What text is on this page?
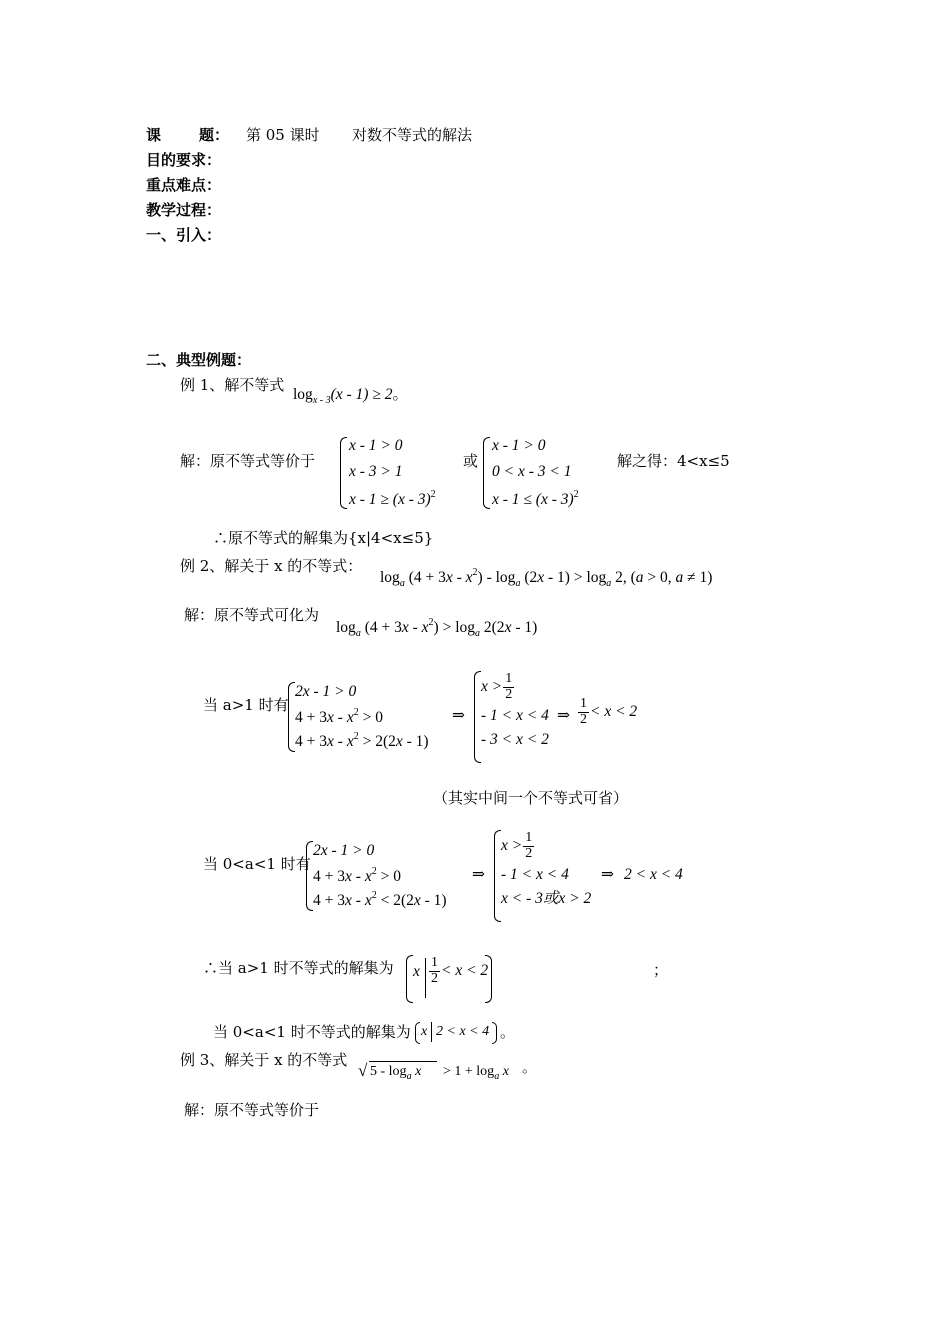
课	题： 第 05 课时 对数不等式的解法
目的要求：
重点难点：
教学过程：
一、引入：
二、典型例题：
例 1、解不等式
$\log_{x - 3}(x - 1) \ge 2$。
解：原不等式等价于
x - 1 > 0
x - 3 > 1
x - 1 ≥ (x - 3)$^2$
或
x - 1 > 0
0 < x - 3 < 1
x - 1 ≤ (x - 3)$^2$
解之得：4<x≤5
∴原不等式的解集为{x|4<x≤5}
例 2、解关于 x 的不等式：
$\log_a (4 + 3x - x^2) - \log_a (2x - 1) > \log_a 2$, (a > 0, a ≠ 1)
解：原不等式可化为
$\log_a (4 + 3x - x^2) > \log_a 2(2x - 1)$
当 a>1 时有
2x - 1 > 0
$4 + 3x - x^2 > 0$
$4 + 3x - x^2 > 2(2x - 1)$
⇒
$x > \frac{1}{2}$
- 1 < x < 4
- 3 < x < 2
⇒ $\frac{1}{2} < x < 2$
（其实中间一个不等式可省）
当 0<a<1 时有
2x - 1 > 0
$4 + 3x - x^2 > 0$
$4 + 3x - x^2 < 2(2x - 1)$
⇒
$x > \frac{1}{2}$
- 1 < x < 4
x < - 3或x > 2
⇒ 2 < x < 4
∴当 a>1 时不等式的解集为 x $\frac{1}{2} < x < 2$	；
当 0<a<1 时不等式的解集为 x 2 < x < 4 。
例 3、解关于 x 的不等式
√ $5 - \log_a x > 1 + \log_a x$ 。
解：原不等式等价于
